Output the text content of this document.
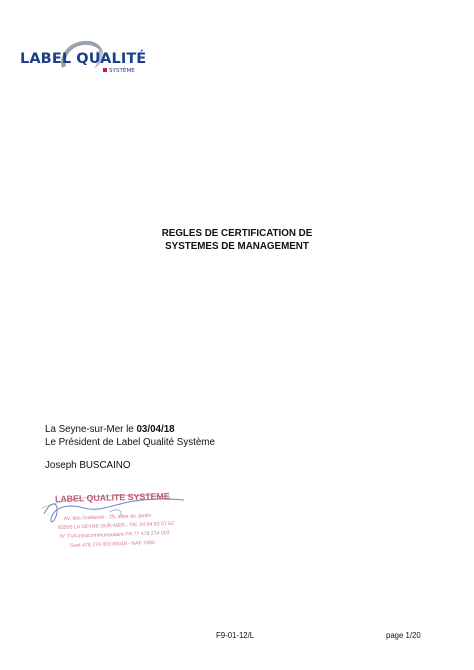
LABEL QUALITÉ
SYSTÈME
REGLES DE CERTIFICATION DE
SYSTEMES DE MANAGEMENT
La Seyne-sur-Mer le 03/04/18
Le Président de Label Qualité Système
Joseph BUSCAINO
LABEL QUALITE SYSTEME
Av. des Goélands - 25, allée du Jardin
83500 LA SEYNE-SUR-MER - Tél. 04 94 63 57 62
N° TVA intracommunautaire FR 77 478 274 003
Siret 478 274 003 00018 - NAF 7490
F9-01-12/L	page 1/20
